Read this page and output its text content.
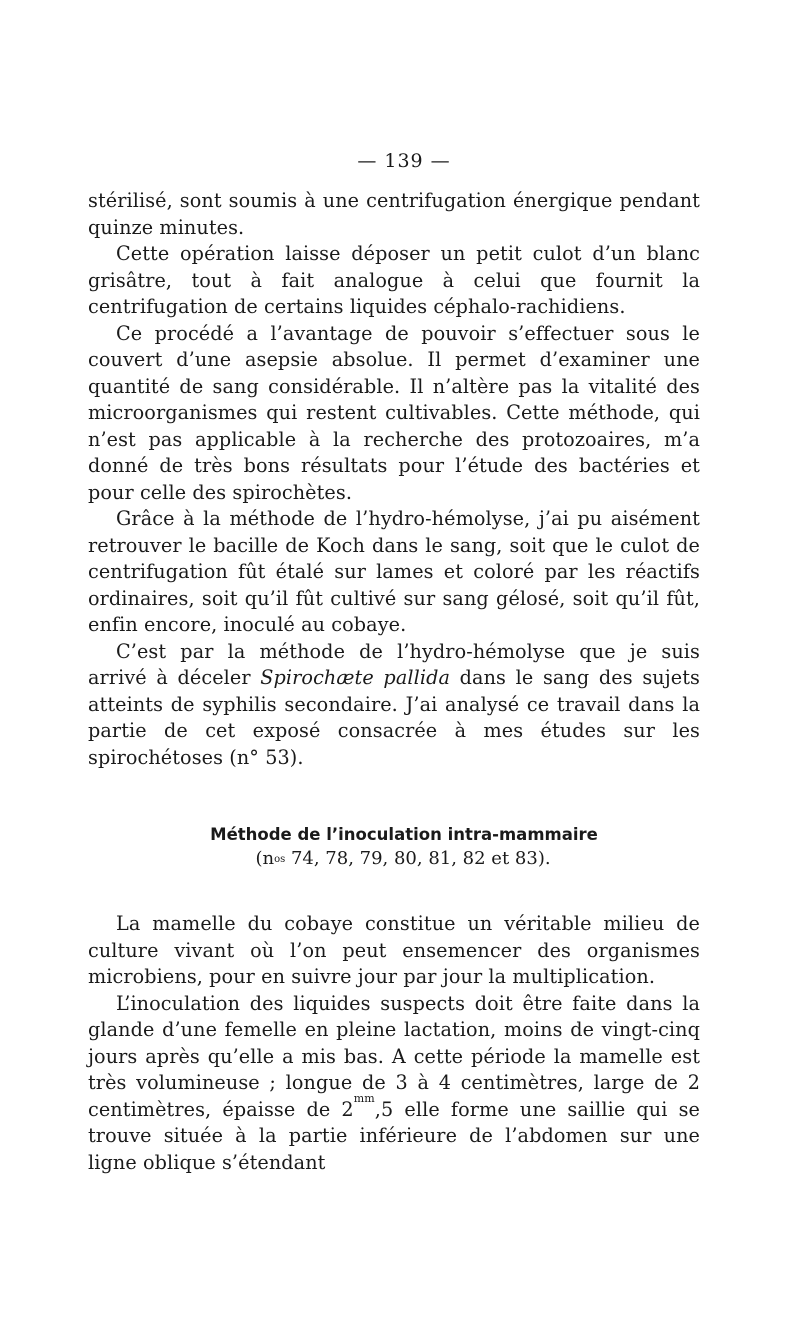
— 139 —

stérilisé, sont soumis à une centrifugation énergique pendant quinze minutes.

Cette opération laisse déposer un petit culot d’un blanc grisâtre, tout à fait analogue à celui que fournit la centrifugation de certains liquides céphalo-rachidiens.

Ce procédé a l’avantage de pouvoir s’effectuer sous le couvert d’une asepsie absolue. Il permet d’examiner une quantité de sang considérable. Il n’altère pas la vitalité des microorganismes qui restent cultivables. Cette méthode, qui n’est pas applicable à la recherche des protozoaires, m’a donné de très bons résultats pour l’étude des bactéries et pour celle des spirochètes.

Grâce à la méthode de l’hydro-hémolyse, j’ai pu aisément retrouver le bacille de Koch dans le sang, soit que le culot de centrifugation fût étalé sur lames et coloré par les réactifs ordinaires, soit qu’il fût cultivé sur sang gélosé, soit qu’il fût, enfin encore, inoculé au cobaye.

C’est par la méthode de l’hydro-hémolyse que je suis arrivé à déceler Spirochæte pallida dans le sang des sujets atteints de syphilis secondaire. J’ai analysé ce travail dans la partie de cet exposé consacrée à mes études sur les spirochétoses (n° 53).

Méthode de l’inoculation intra-mammaire
($n^{os}$ 74, 78, 79, 80, 81, 82 et 83).

La mamelle du cobaye constitue un véritable milieu de culture vivant où l’on peut ensemencer des organismes microbiens, pour en suivre jour par jour la multiplication.

L’inoculation des liquides suspects doit être faite dans la glande d’une femelle en pleine lactation, moins de vingt-cinq jours après qu’elle a mis bas. A cette période la mamelle est très volumineuse ; longue de 3 à 4 centimètres, large de 2 centimètres, épaisse de $2^{mm},5$ elle forme une saillie qui se trouve située à la partie inférieure de l’abdomen sur une ligne oblique s’étendant
